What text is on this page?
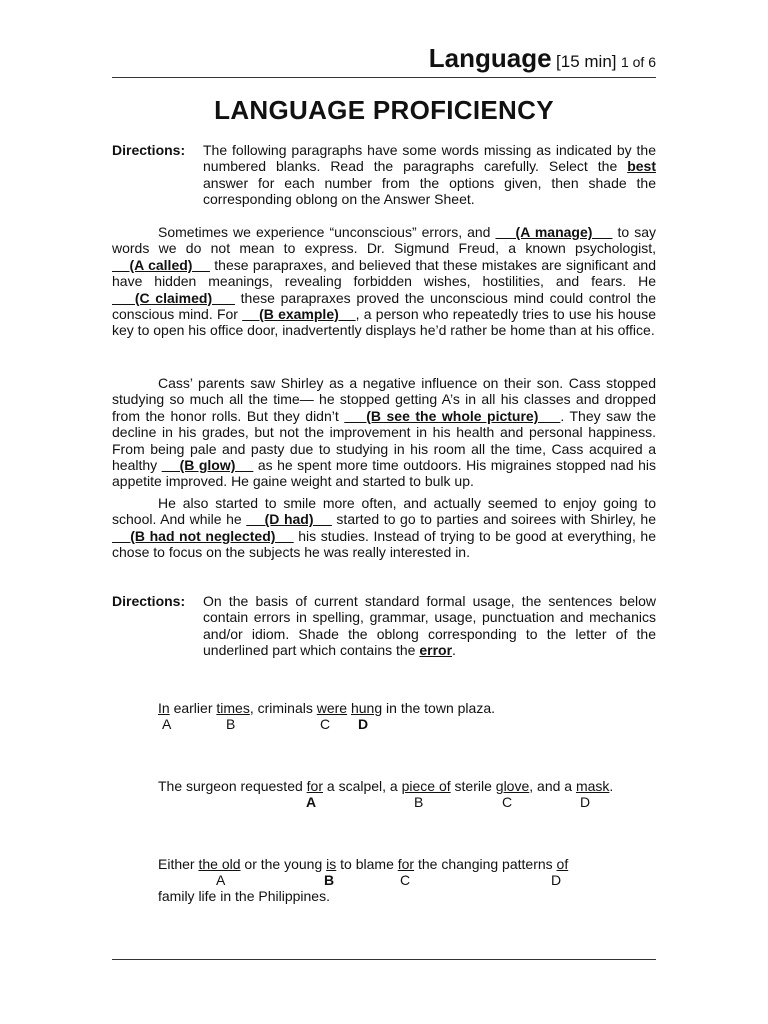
Language [15 min] 1 of 6
LANGUAGE PROFICIENCY
Directions: The following paragraphs have some words missing as indicated by the numbered blanks. Read the paragraphs carefully. Select the best answer for each number from the options given, then shade the corresponding oblong on the Answer Sheet.
Sometimes we experience “unconscious” errors, and     (A manage)     to say words we do not mean to express. Dr. Sigmund Freud, a known psychologist,     (A called)     these parapraxes, and believed that these mistakes are significant and have hidden meanings, revealing forbidden wishes, hostilities, and fears. He     (C claimed)     these parapraxes proved the unconscious mind could control the conscious mind. For     (B example)    , a person who repeatedly tries to use his house key to open his office door, inadvertently displays he’d rather be home than at his office.
Cass’ parents saw Shirley as a negative influence on their son. Cass stopped studying so much all the time— he stopped getting A’s in all his classes and dropped from the honor rolls. But they didn’t     (B see the whole picture)    . They saw the decline in his grades, but not the improvement in his health and personal happiness. From being pale and pasty due to studying in his room all the time, Cass acquired a healthy     (B glow)     as he spent more time outdoors. His migraines stopped nad his appetite improved. He gaine weight and started to bulk up.
He also started to smile more often, and actually seemed to enjoy going to school. And while he     (D had)     started to go to parties and soirees with Shirley, he     (B had not neglected)     his studies. Instead of trying to be good at everything, he chose to focus on the subjects he was really interested in.
Directions: On the basis of current standard formal usage, the sentences below contain errors in spelling, grammar, usage, punctuation and mechanics and/or idiom. Shade the oblong corresponding to the letter of the underlined part which contains the error.
In earlier times, criminals were hung in the town plaza.
A	B	C D
The surgeon requested for a scalpel, a piece of sterile glove, and a mask.
A	B	C	D
Either the old or the young is to blame for the changing patterns of
A	B	C	D
family life in the Philippines.
